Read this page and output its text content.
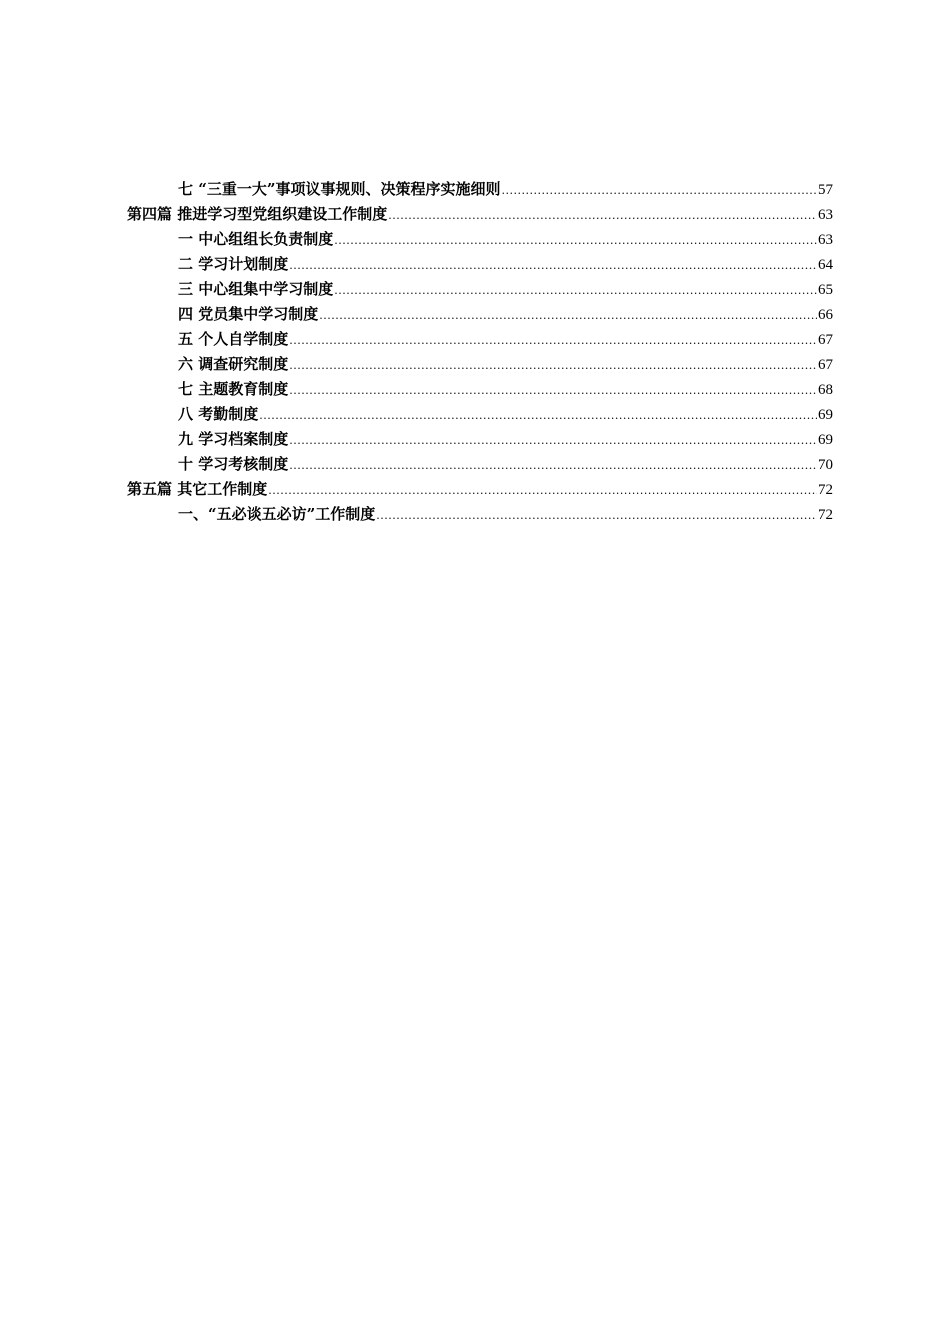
七 “三重一大”事项议事规则、决策程序实施细则 .....	57
第四篇 推进学习型党组织建设工作制度 .....	63
一 中心组组长负责制度 .....	63
二 学习计划制度 .....	64
三 中心组集中学习制度 .....	65
四 党员集中学习制度 .....	66
五 个人自学制度 .....	67
六 调查研究制度 .....	67
七 主题教育制度 .....	68
八 考勤制度 .....	69
九 学习档案制度 .....	69
十 学习考核制度 .....	70
第五篇 其它工作制度 .....	72
一、“五必谈五必访”工作制度 .....	72
